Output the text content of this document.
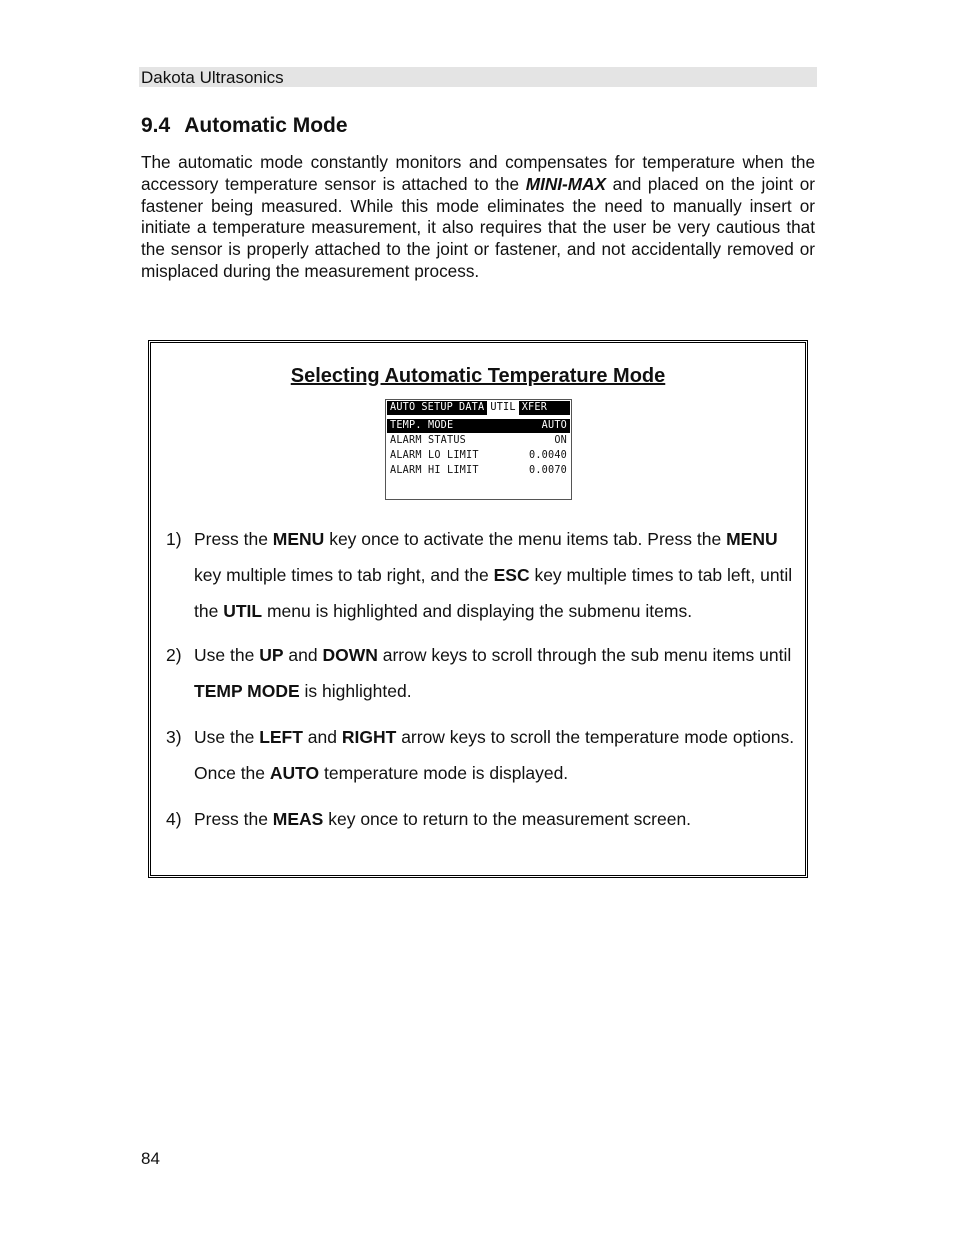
Dakota Ultrasonics
9.4 Automatic Mode

The automatic mode constantly monitors and compensates for temperature when the accessory temperature sensor is attached to the MINI-MAX and placed on the joint or fastener being measured. While this mode eliminates the need to manually insert or initiate a temperature measurement, it also requires that the user be very cautious that the sensor is properly attached to the joint or fastener, and not accidentally removed or misplaced during the measurement process.

Selecting Automatic Temperature Mode
AUTO SETUP DATA UTIL XFER
TEMP. MODE	AUTO
ALARM STATUS	ON
ALARM LO LIMIT	0.0040
ALARM HI LIMIT	0.0070
1) Press the MENU key once to activate the menu items tab. Press the MENU key multiple times to tab right, and the ESC key multiple times to tab left, until the UTIL menu is highlighted and displaying the submenu items.

2) Use the UP and DOWN arrow keys to scroll through the sub menu items until TEMP MODE is highlighted.

3) Use the LEFT and RIGHT arrow keys to scroll the temperature mode options. Once the AUTO temperature mode is displayed.

4) Press the MEAS key once to return to the measurement screen.

84
